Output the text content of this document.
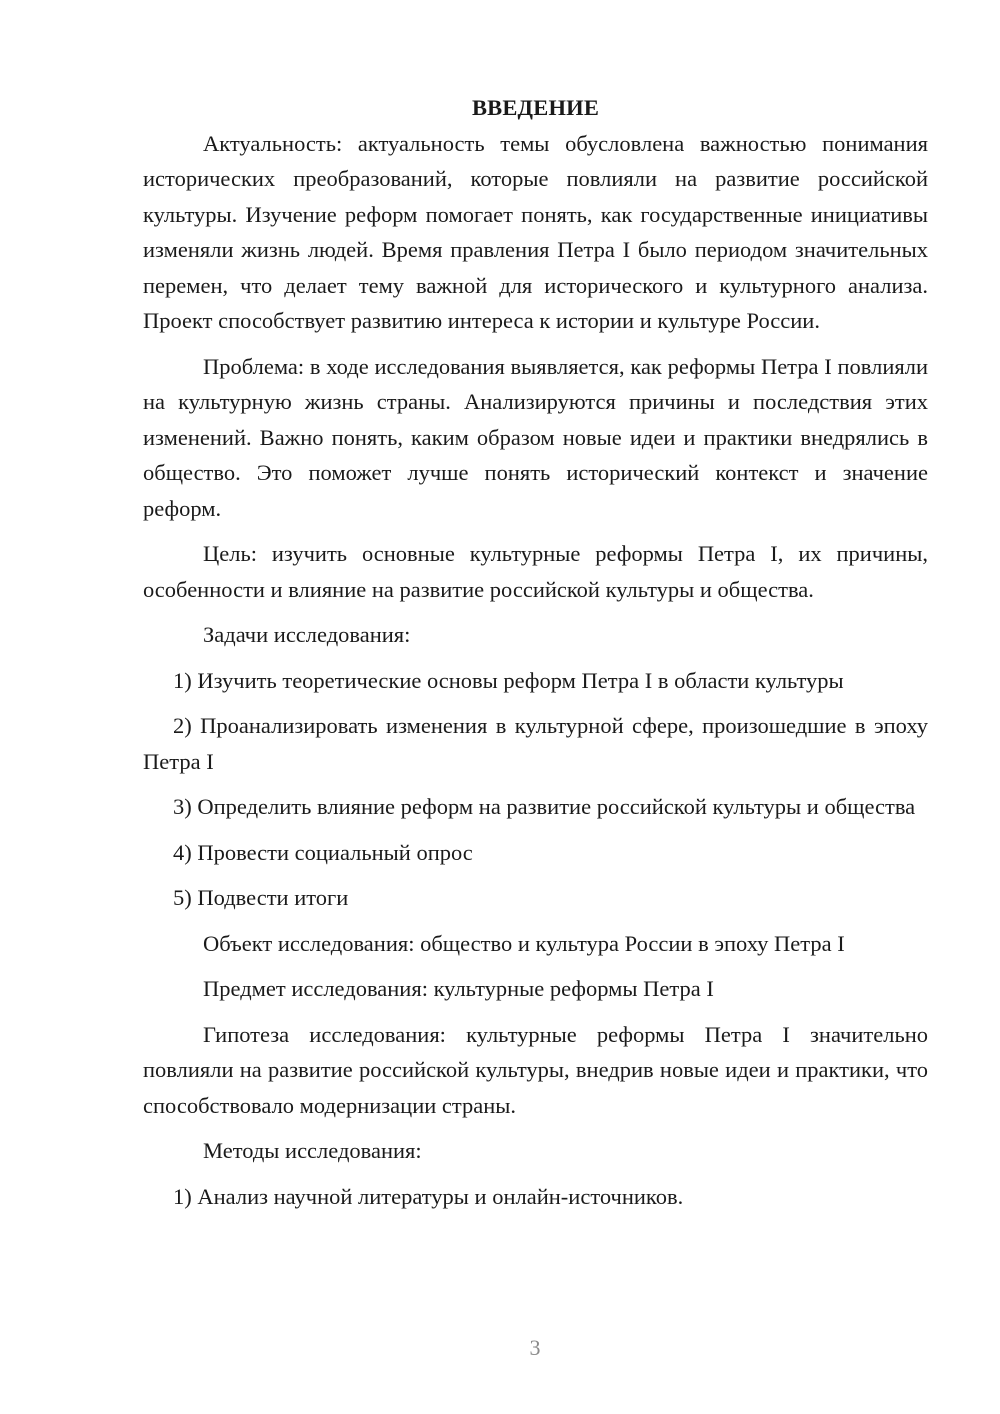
ВВЕДЕНИЕ

Актуальность: актуальность темы обусловлена важностью понимания исторических преобразований, которые повлияли на развитие российской культуры. Изучение реформ помогает понять, как государственные инициативы изменяли жизнь людей. Время правления Петра I было периодом значительных перемен, что делает тему важной для исторического и культурного анализа. Проект способствует развитию интереса к истории и культуре России.

Проблема: в ходе исследования выявляется, как реформы Петра I повлияли на культурную жизнь страны. Анализируются причины и последствия этих изменений. Важно понять, каким образом новые идеи и практики внедрялись в общество. Это поможет лучше понять исторический контекст и значение реформ.

Цель: изучить основные культурные реформы Петра I, их причины, особенности и влияние на развитие российской культуры и общества.

Задачи исследования:

1) Изучить теоретические основы реформ Петра I в области культуры

2) Проанализировать изменения в культурной сфере, произошедшие в эпоху Петра I

3) Определить влияние реформ на развитие российской культуры и общества

4) Провести социальный опрос

5) Подвести итоги

Объект исследования: общество и культура России в эпоху Петра I

Предмет исследования: культурные реформы Петра I

Гипотеза исследования: культурные реформы Петра I значительно повлияли на развитие российской культуры, внедрив новые идеи и практики, что способствовало модернизации страны.

Методы исследования:

1) Анализ научной литературы и онлайн-источников.

3
